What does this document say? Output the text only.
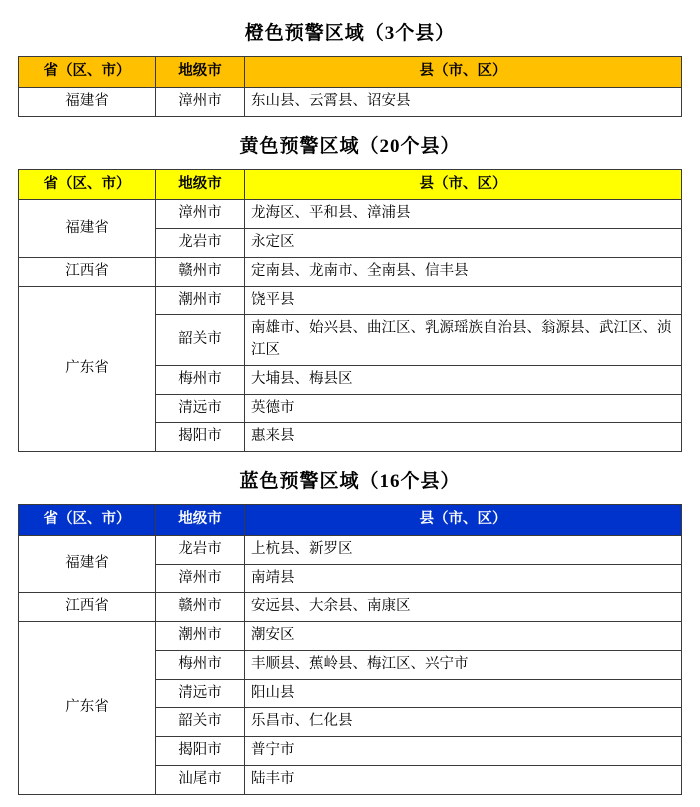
橙色预警区域（3个县）
省（区、市）	地级市	县（市、区）
福建省	漳州市	东山县、云霄县、诏安县
黄色预警区域（20个县）
省（区、市）	地级市	县（市、区）
福建省	漳州市	龙海区、平和县、漳浦县
	龙岩市	永定区
江西省	赣州市	定南县、龙南市、全南县、信丰县
广东省	潮州市	饶平县
	韶关市	南雄市、始兴县、曲江区、乳源瑶族自治县、翁源县、武江区、浈江区
	梅州市	大埔县、梅县区
	清远市	英德市
	揭阳市	惠来县
蓝色预警区域（16个县）
省（区、市）	地级市	县（市、区）
福建省	龙岩市	上杭县、新罗区
	漳州市	南靖县
江西省	赣州市	安远县、大余县、南康区
广东省	潮州市	潮安区
	梅州市	丰顺县、蕉岭县、梅江区、兴宁市
	清远市	阳山县
	韶关市	乐昌市、仁化县
	揭阳市	普宁市
	汕尾市	陆丰市
